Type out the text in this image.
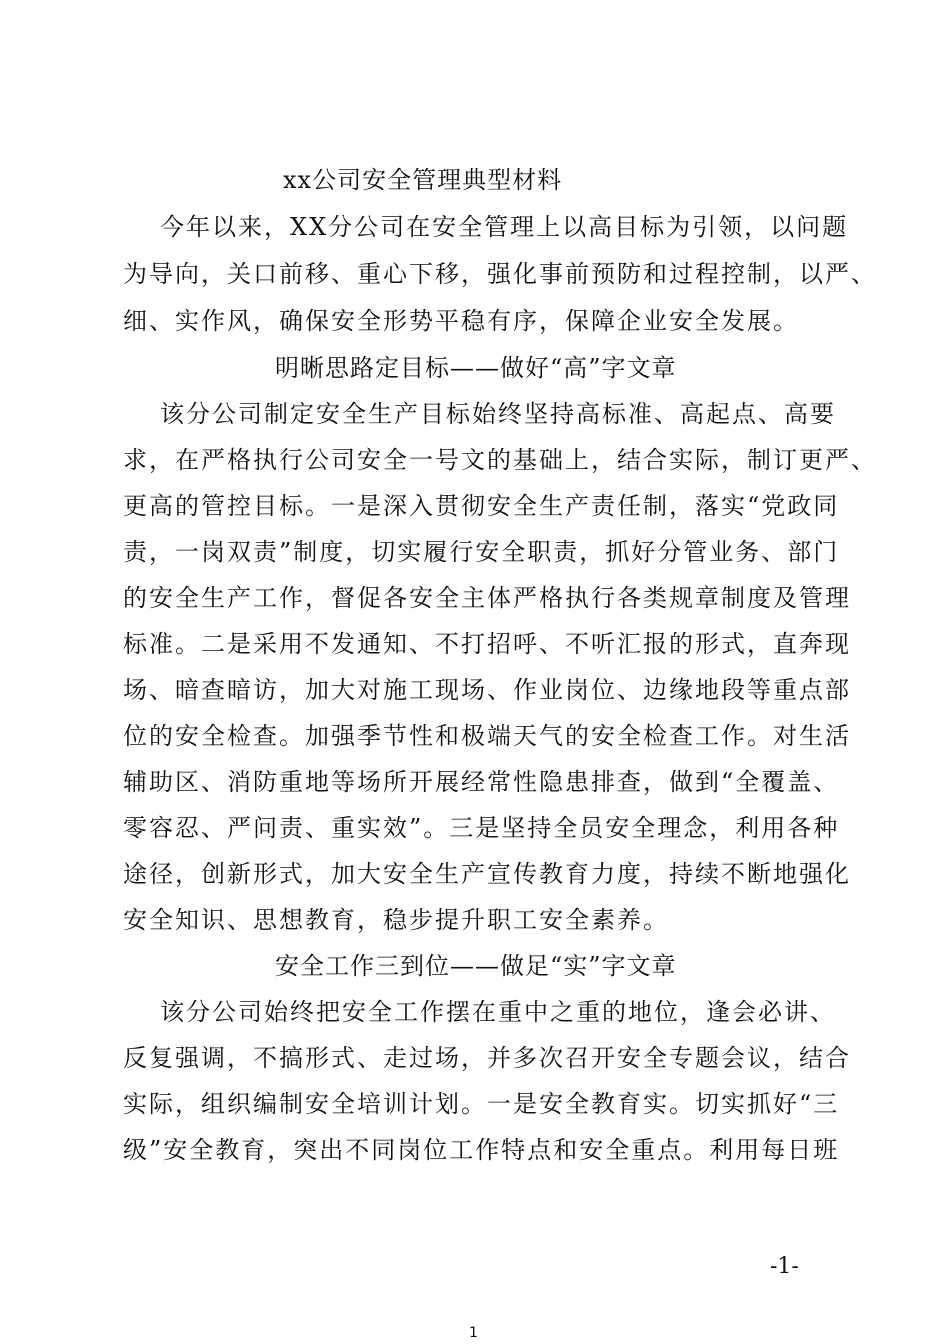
xx公司安全管理典型材料
今年以来，XX分公司在安全管理上以高目标为引领，以问题
为导向，关口前移、重心下移，强化事前预防和过程控制，以严、
细、实作风，确保安全形势平稳有序，保障企业安全发展。
明晰思路定目标——做好“高”字文章
该分公司制定安全生产目标始终坚持高标准、高起点、高要
求，在严格执行公司安全一号文的基础上，结合实际，制订更严、
更高的管控目标。一是深入贯彻安全生产责任制，落实“党政同
责，一岗双责”制度，切实履行安全职责，抓好分管业务、部门
的安全生产工作，督促各安全主体严格执行各类规章制度及管理
标准。二是采用不发通知、不打招呼、不听汇报的形式，直奔现
场、暗查暗访，加大对施工现场、作业岗位、边缘地段等重点部
位的安全检查。加强季节性和极端天气的安全检查工作。对生活
辅助区、消防重地等场所开展经常性隐患排查，做到“全覆盖、
零容忍、严问责、重实效”。三是坚持全员安全理念，利用各种
途径，创新形式，加大安全生产宣传教育力度，持续不断地强化
安全知识、思想教育，稳步提升职工安全素养。
安全工作三到位——做足“实”字文章
该分公司始终把安全工作摆在重中之重的地位，逢会必讲、
反复强调，不搞形式、走过场，并多次召开安全专题会议，结合
实际，组织编制安全培训计划。一是安全教育实。切实抓好“三
级”安全教育，突出不同岗位工作特点和安全重点。利用每日班
-1-
1
